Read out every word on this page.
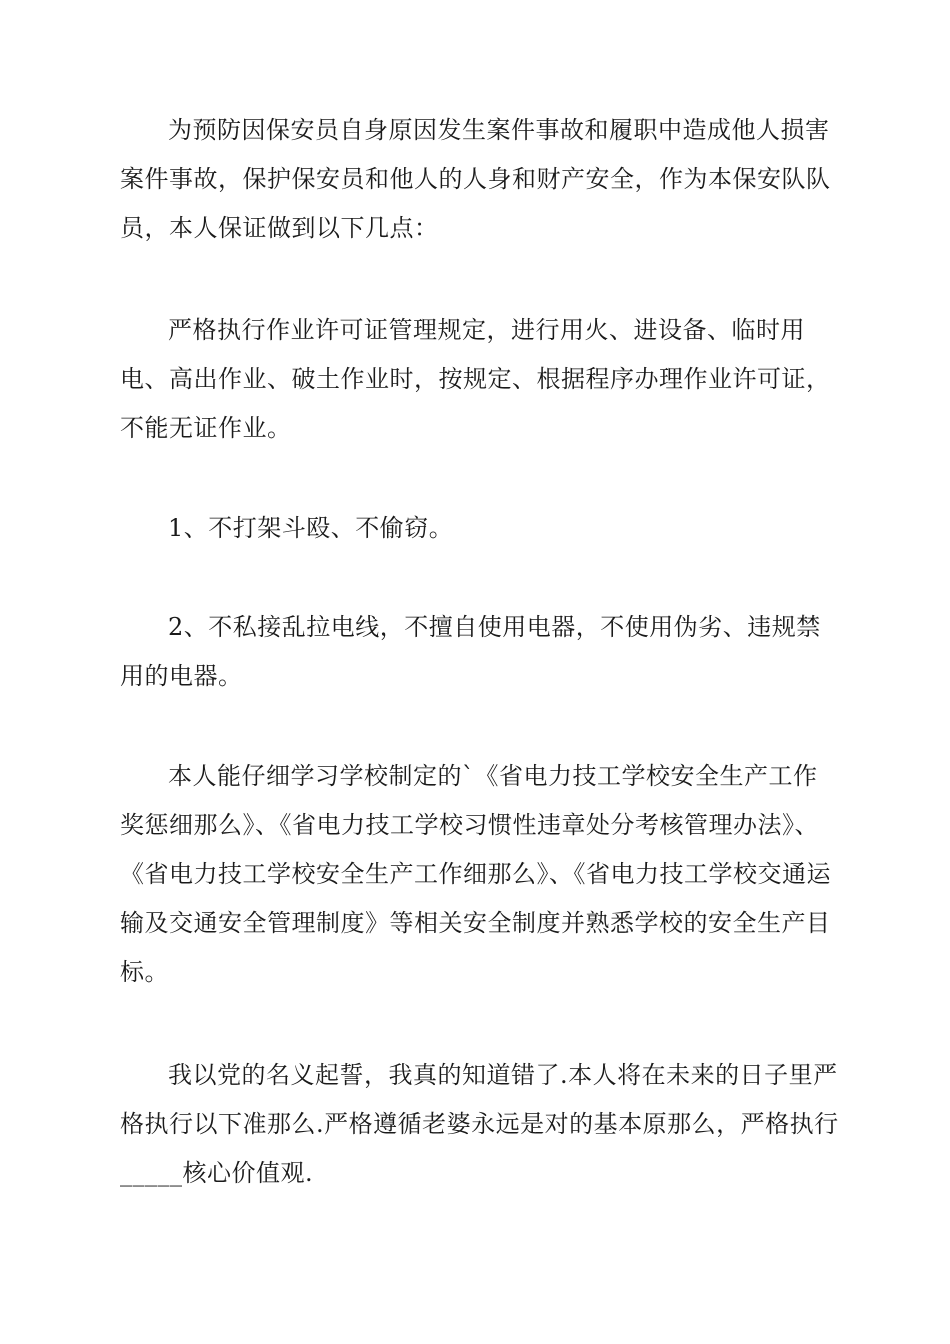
为预防因保安员自身原因发生案件事故和履职中造成他人损害案件事故，保护保安员和他人的人身和财产安全，作为本保安队队员，本人保证做到以下几点：

严格执行作业许可证管理规定，进行用火、进设备、临时用电、高出作业、破土作业时，按规定、根据程序办理作业许可证，不能无证作业。

1、不打架斗殴、不偷窃。

2、不私接乱拉电线，不擅自使用电器，不使用伪劣、违规禁用的电器。

本人能仔细学习学校制定的`《省电力技工学校安全生产工作奖惩细那么》、《省电力技工学校习惯性违章处分考核管理办法》、《省电力技工学校安全生产工作细那么》、《省电力技工学校交通运输及交通安全管理制度》等相关安全制度并熟悉学校的安全生产目标。

我以党的名义起誓，我真的知道错了.本人将在未来的日子里严格执行以下准那么.严格遵循老婆永远是对的基本原那么，严格执行_____核心价值观.
